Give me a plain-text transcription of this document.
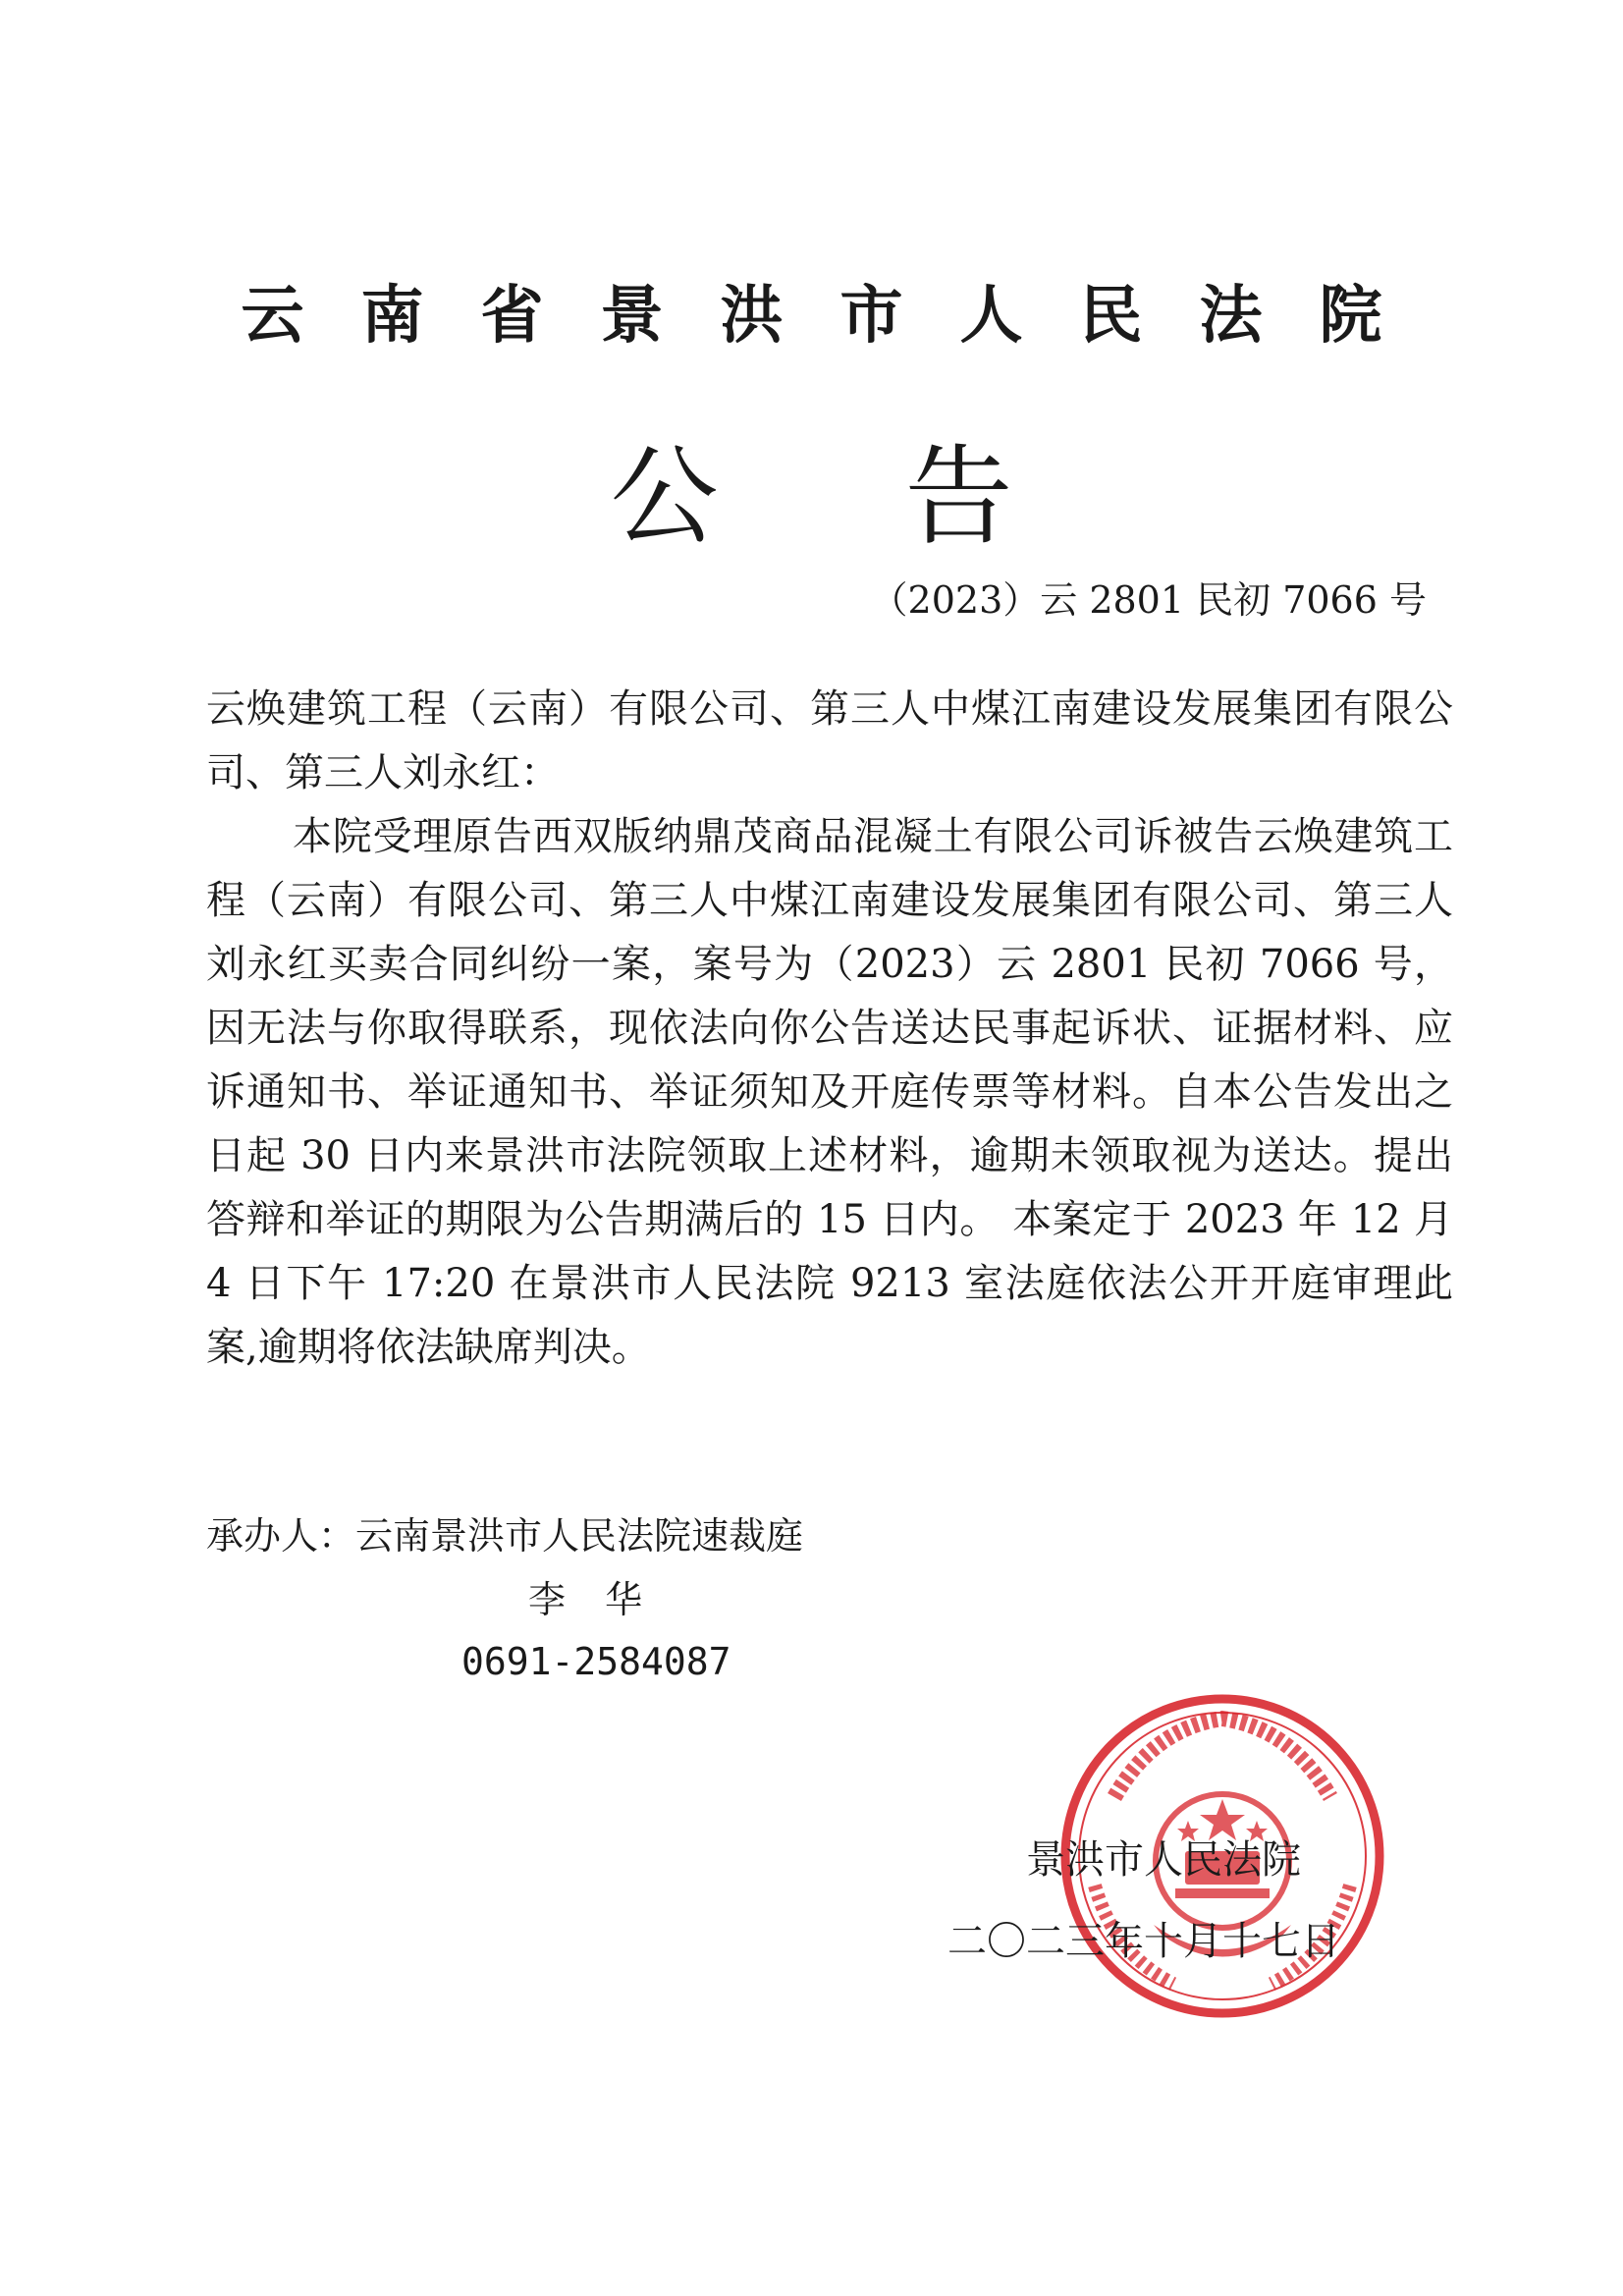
云 南 省 景 洪 市 人 民 法 院
公 告
（2023）云 2801 民初 7066 号

云焕建筑工程（云南）有限公司、第三人中煤江南建设发展集团有限公司、第三人刘永红：

本院受理原告西双版纳鼎茂商品混凝土有限公司诉被告云焕建筑工程（云南）有限公司、第三人中煤江南建设发展集团有限公司、第三人刘永红买卖合同纠纷一案，案号为（2023）云 2801 民初 7066 号，因无法与你取得联系，现依法向你公告送达民事起诉状、证据材料、应诉通知书、举证通知书、举证须知及开庭传票等材料。自本公告发出之日起 30 日内来景洪市法院领取上述材料，逾期未领取视为送达。提出答辩和举证的期限为公告期满后的 15 日内。 本案定于 2023 年 12 月 4 日下午 17:20 在景洪市人民法院 9213 室法庭依法公开开庭审理此案,逾期将依法缺席判决。

承办人：云南景洪市人民法院速裁庭
李 华
0691-2584087
景洪市人民法院
二〇二三年十月十七日
